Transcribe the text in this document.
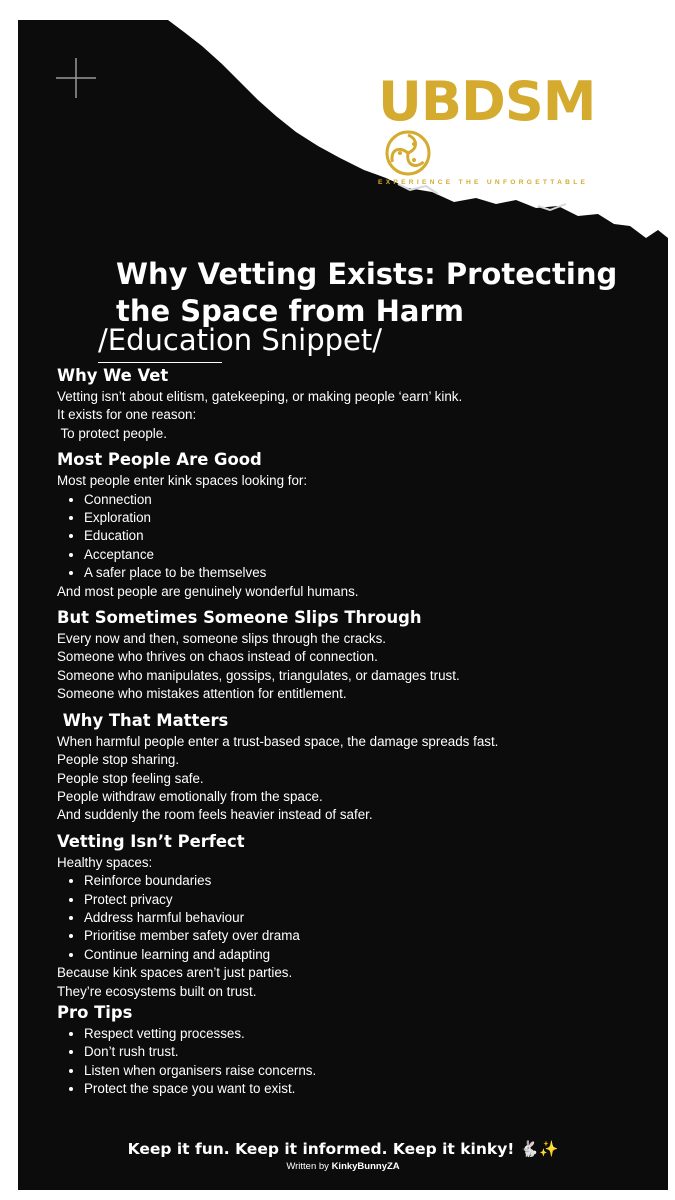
UBDSM
EXPERIENCE THE UNFORGETTABLE
Why Vetting Exists: Protecting the Space from Harm
/Education Snippet/
Why We Vet

Vetting isn’t about elitism, gatekeeping, or making people ‘earn’ kink.

It exists for one reason:

To protect people.

Most People Are Good

Most people enter kink spaces looking for:

• Connection
• Exploration
• Education
• Acceptance
• A safer place to be themselves

And most people are genuinely wonderful humans.

But Sometimes Someone Slips Through

Every now and then, someone slips through the cracks.

Someone who thrives on chaos instead of connection.

Someone who manipulates, gossips, triangulates, or damages trust.

Someone who mistakes attention for entitlement.

Why That Matters

When harmful people enter a trust-based space, the damage spreads fast.

People stop sharing.

People stop feeling safe.

People withdraw emotionally from the space.

And suddenly the room feels heavier instead of safer.

Vetting Isn’t Perfect

Healthy spaces:

• Reinforce boundaries
• Protect privacy
• Address harmful behaviour
• Prioritise member safety over drama
• Continue learning and adapting

Because kink spaces aren’t just parties.

They’re ecosystems built on trust.

Pro Tips
• Respect vetting processes.
• Don’t rush trust.
• Listen when organisers raise concerns.
• Protect the space you want to exist.
Keep it fun. Keep it informed. Keep it kinky! 🐇✨
Written by KinkyBunnyZA
